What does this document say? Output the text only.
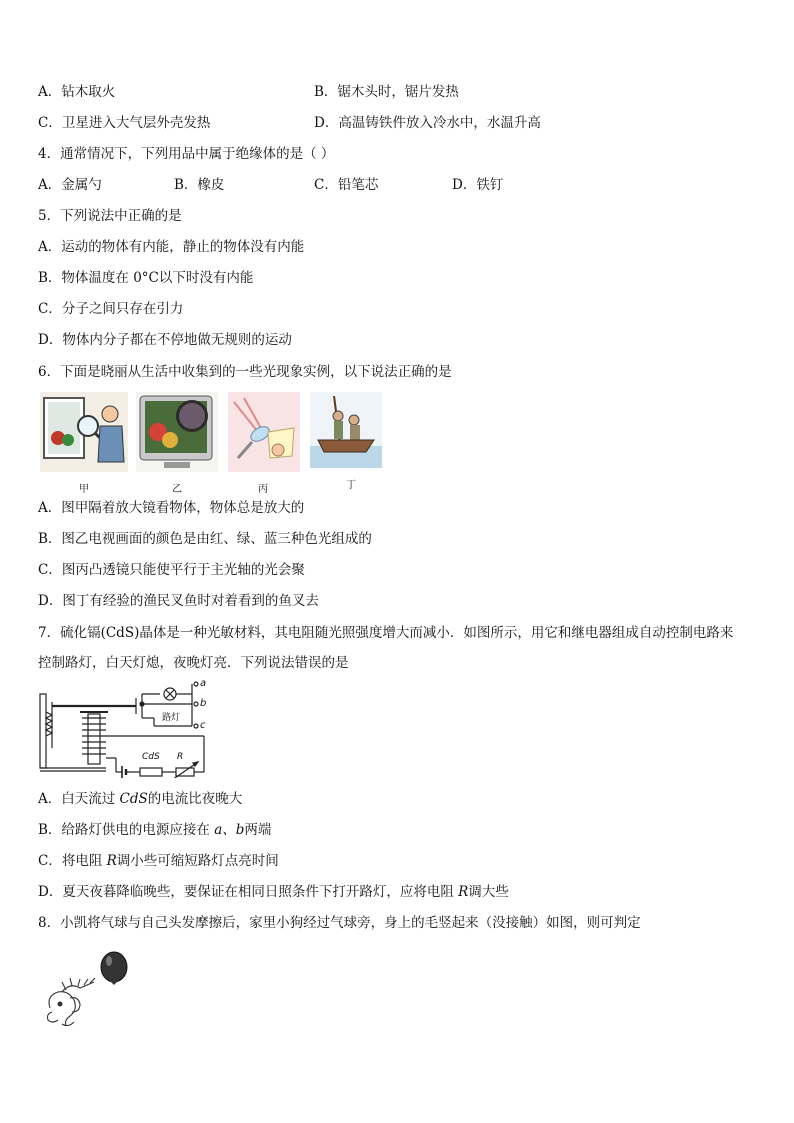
A．钻木取火	B．锯木头时，锯片发热
C．卫星进入大气层外壳发热	D．高温铸铁件放入冷水中，水温升高
4．通常情况下，下列用品中属于绝缘体的是（ ）
A．金属勺	B．橡皮	C．铅笔芯	D．铁钉
5．下列说法中正确的是
A．运动的物体有内能，静止的物体没有内能
B．物体温度在 0°C以下时没有内能
C．分子之间只存在引力
D．物体内分子都在不停地做无规则的运动
6．下面是晓丽从生活中收集到的一些光现象实例，以下说法正确的是
甲	乙	丙	丁
A．图甲隔着放大镜看物体，物体总是放大的
B．图乙电视画面的颜色是由红、绿、蓝三种色光组成的
C．图丙凸透镜只能使平行于主光轴的光会聚
D．图丁有经验的渔民叉鱼时对着看到的鱼叉去
7．硫化镉(CdS)晶体是一种光敏材料，其电阻随光照强度增大而减小．如图所示，用它和继电器组成自动控制电路来
控制路灯，白天灯熄，夜晚灯亮．下列说法错误的是
a
b
c
路灯
CdS R
A．白天流过 CdS的电流比夜晚大
B．给路灯供电的电源应接在 a、b两端
C．将电阻 R调小些可缩短路灯点亮时间
D．夏天夜暮降临晚些，要保证在相同日照条件下打开路灯，应将电阻 R调大些
8．小凯将气球与自己头发摩擦后，家里小狗经过气球旁，身上的毛竖起来（没接触）如图，则可判定
